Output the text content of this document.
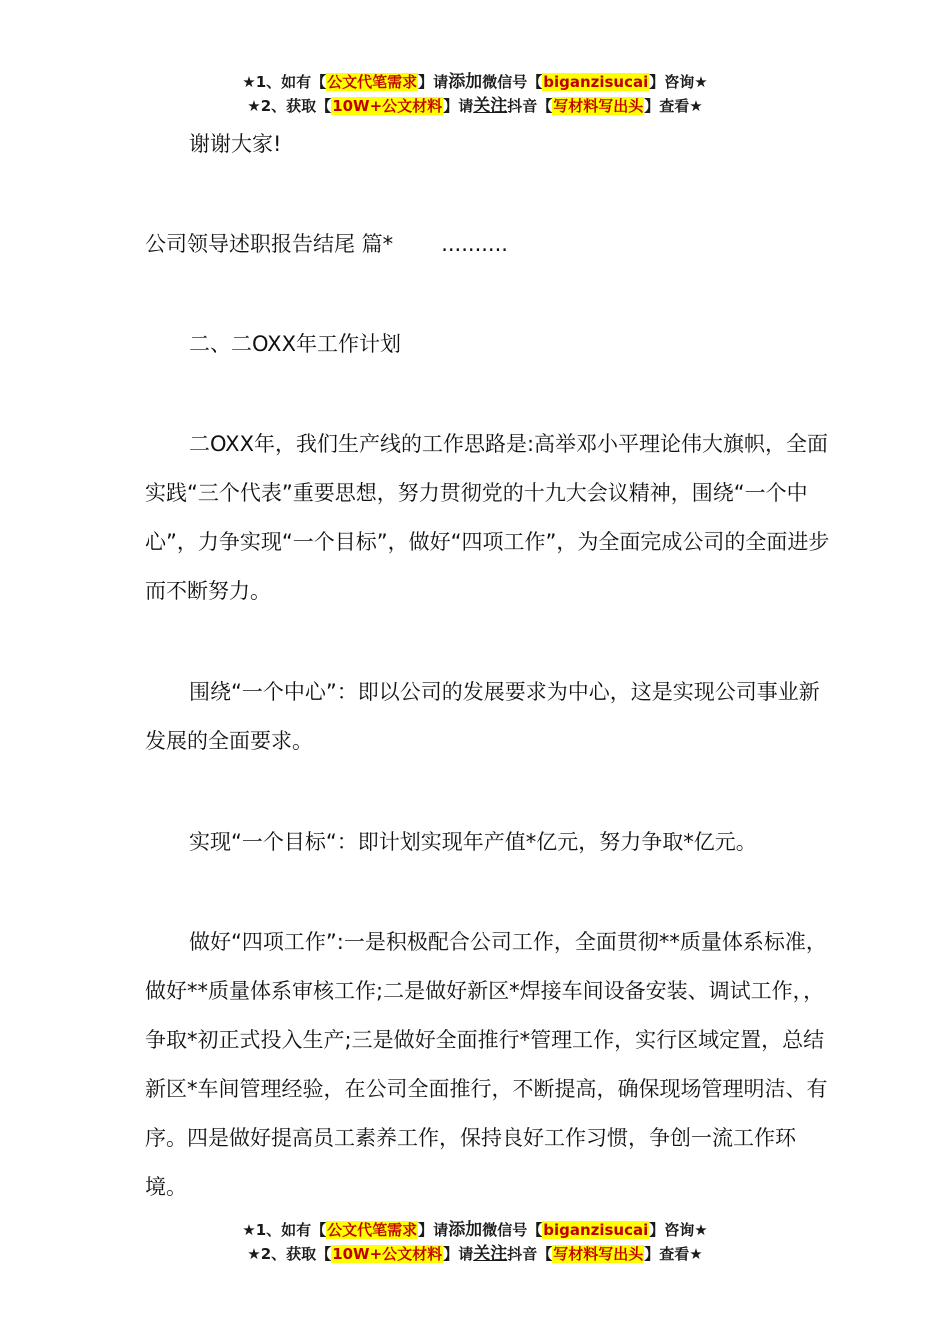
★1、如有【公文代笔需求】请添加微信号【biganzisucai】咨询★
★2、获取【10W+公文材料】请关注抖音【写材料写出头】查看★

谢谢大家!

公司领导述职报告结尾 篇* ..........

二、二OXX年工作计划

二OXX年，我们生产线的工作思路是:高举邓小平理论伟大旗帜，全面实践“三个代表”重要思想，努力贯彻党的十九大会议精神，围绕“一个中心”，力争实现“一个目标”，做好“四项工作”，为全面完成公司的全面进步而不断努力。

围绕“一个中心”：即以公司的发展要求为中心，这是实现公司事业新发展的全面要求。

实现“一个目标“：即计划实现年产值*亿元，努力争取*亿元。

做好“四项工作”:一是积极配合公司工作，全面贯彻**质量体系标准，做好**质量体系审核工作;二是做好新区*焊接车间设备安装、调试工作，，争取*初正式投入生产;三是做好全面推行*管理工作，实行区域定置，总结新区*车间管理经验，在公司全面推行，不断提高，确保现场管理明洁、有序。四是做好提高员工素养工作，保持良好工作习惯，争创一流工作环境。

★1、如有【公文代笔需求】请添加微信号【biganzisucai】咨询★
★2、获取【10W+公文材料】请关注抖音【写材料写出头】查看★
